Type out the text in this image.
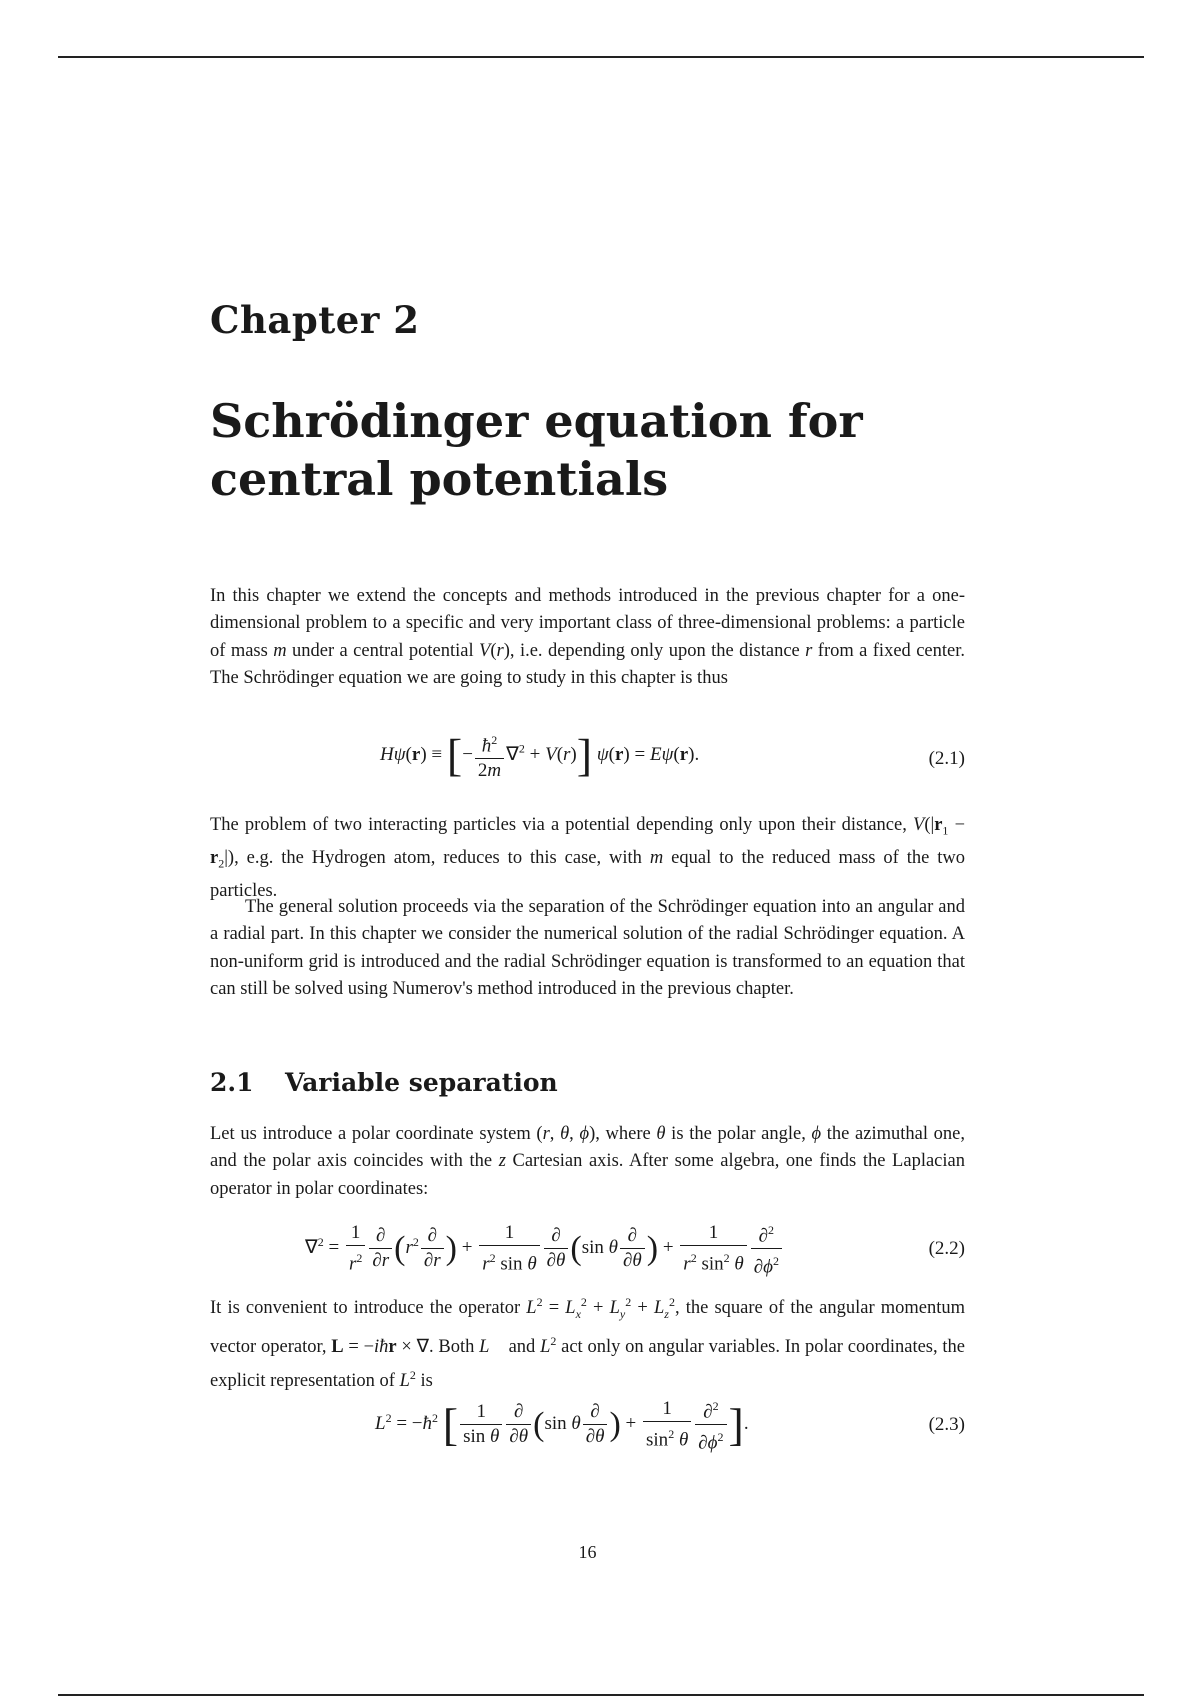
Chapter 2
Schrödinger equation for central potentials
In this chapter we extend the concepts and methods introduced in the previous chapter for a one-dimensional problem to a specific and very important class of three-dimensional problems: a particle of mass m under a central potential V(r), i.e. depending only upon the distance r from a fixed center. The Schrödinger equation we are going to study in this chapter is thus
Hψ(r) ≡ [− $\frac{ħ^2}{2m} \nabla^2 + V(r)$] ψ(r) = Eψ(r).	(2.1)
The problem of two interacting particles via a potential depending only upon their distance, $V(|r_1 - r_2|)$, e.g. the Hydrogen atom, reduces to this case, with m equal to the reduced mass of the two particles.
The general solution proceeds via the separation of the Schrödinger equation into an angular and a radial part. In this chapter we consider the numerical solution of the radial Schrödinger equation. A non-uniform grid is introduced and the radial Schrödinger equation is transformed to an equation that can still be solved using Numerov's method introduced in the previous chapter.
2.1 Variable separation
Let us introduce a polar coordinate system (r, θ, ϕ), where θ is the polar angle, ϕ the azimuthal one, and the polar axis coincides with the z Cartesian axis. After some algebra, one finds the Laplacian operator in polar coordinates:
$\nabla^2 = \frac{1}{r^2} \frac{\partial}{\partial r} (r^2 \frac{\partial}{\partial r}$ ) + $\frac{1}{r^2 \sin \theta} \frac{\partial}{\partial\theta} (\sin$ θ $\frac{\partial}{\partial\theta}$ ) + $\frac{1}{r^2 \sin^2 \theta} \frac{\partial^2}{\partial\phi^2}$	(2.2)
It is convenient to introduce the operator $L^2 = L_x^2 + L_y^2 + L_z^2$, the square of the angular momentum vector operator, L = −iħr × ∇. Both L⃗ and $L^2$ act only on angular variables. In polar coordinates, the explicit representation of $L^2$ is
$L^2$ = $-ħ^2$ [ $\frac{1}{\text{sin θ}} \frac{\partial}{\partial\theta} (\sin$ θ $\frac{\partial}{\partial\theta}$ ) + $\frac{1}{\sin^2 \theta} \frac{\partial^2}{\partial\phi^2}$ ].	(2.3)
16
